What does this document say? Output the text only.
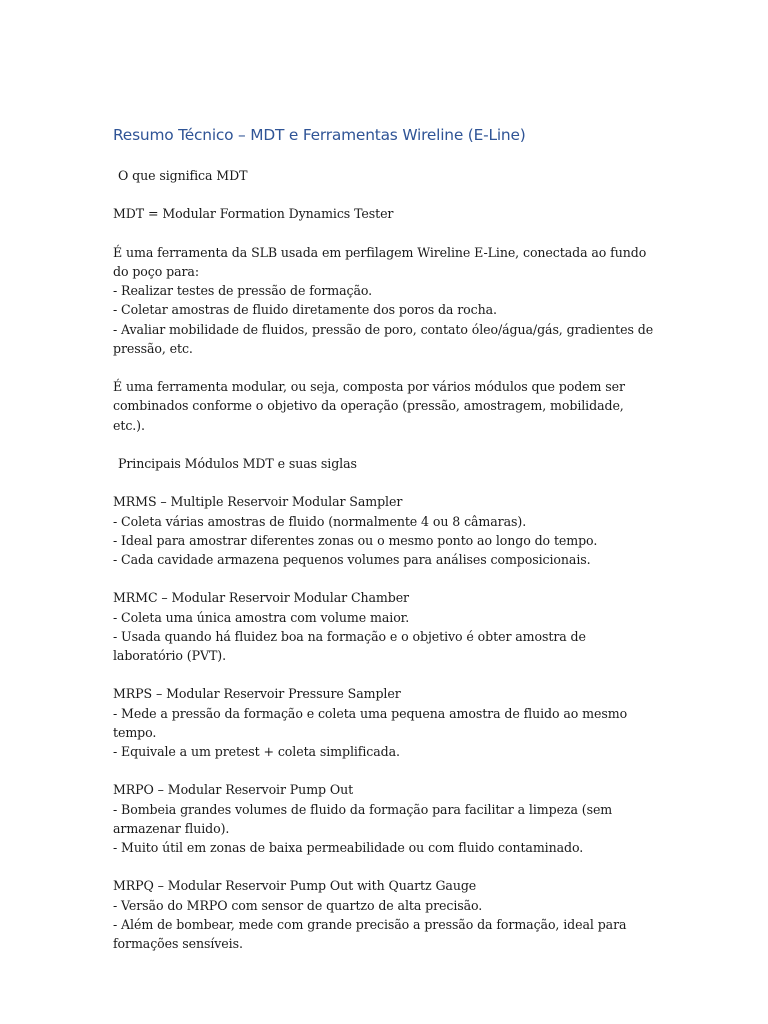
Resumo Técnico – MDT e Ferramentas Wireline (E-Line)
O que significa MDT
MDT = Modular Formation Dynamics Tester
É uma ferramenta da SLB usada em perfilagem Wireline E-Line, conectada ao fundo do poço para:
- Realizar testes de pressão de formação.
- Coletar amostras de fluido diretamente dos poros da rocha.
- Avaliar mobilidade de fluidos, pressão de poro, contato óleo/água/gás, gradientes de pressão, etc.
É uma ferramenta modular, ou seja, composta por vários módulos que podem ser combinados conforme o objetivo da operação (pressão, amostragem, mobilidade, etc.).
Principais Módulos MDT e suas siglas
MRMS – Multiple Reservoir Modular Sampler
- Coleta várias amostras de fluido (normalmente 4 ou 8 câmaras).
- Ideal para amostrar diferentes zonas ou o mesmo ponto ao longo do tempo.
- Cada cavidade armazena pequenos volumes para análises composicionais.
MRMC – Modular Reservoir Modular Chamber
- Coleta uma única amostra com volume maior.
- Usada quando há fluidez boa na formação e o objetivo é obter amostra de laboratório (PVT).
MRPS – Modular Reservoir Pressure Sampler
- Mede a pressão da formação e coleta uma pequena amostra de fluido ao mesmo tempo.
- Equivale a um pretest + coleta simplificada.
MRPO – Modular Reservoir Pump Out
- Bombeia grandes volumes de fluido da formação para facilitar a limpeza (sem armazenar fluido).
- Muito útil em zonas de baixa permeabilidade ou com fluido contaminado.
MRPQ – Modular Reservoir Pump Out with Quartz Gauge
- Versão do MRPO com sensor de quartzo de alta precisão.
- Além de bombear, mede com grande precisão a pressão da formação, ideal para formações sensíveis.
